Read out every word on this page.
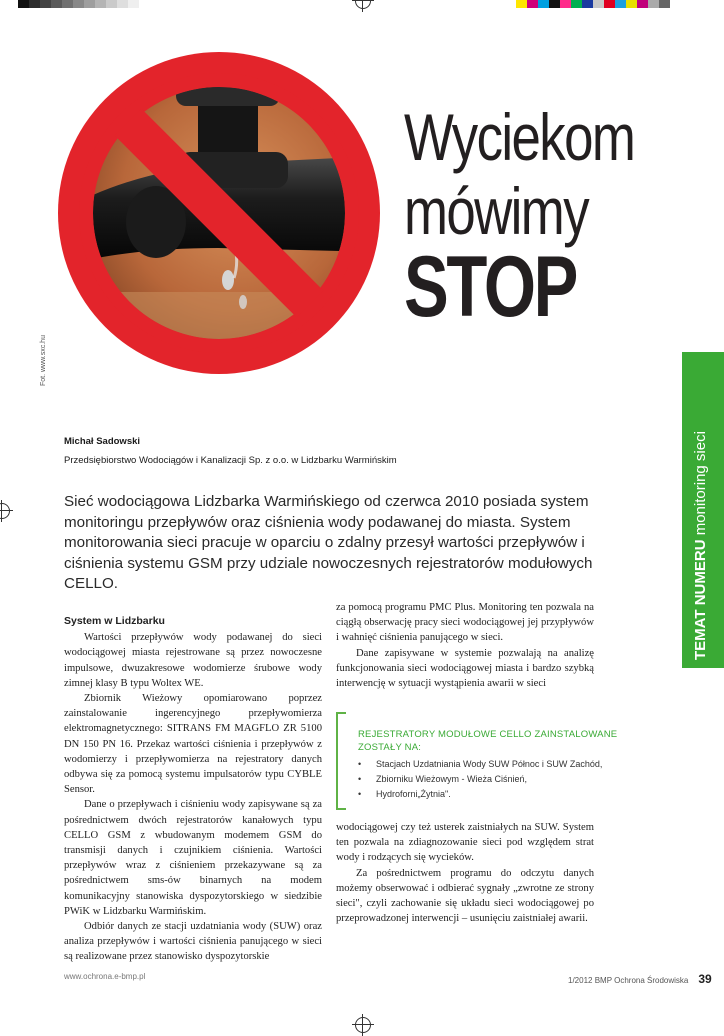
Fot. www.sxc.hu
Wyciekom
mówimy
STOP
TEMAT NUMERU monitoring sieci
Michał Sadowski
Przedsiębiorstwo Wodociągów i Kanalizacji Sp. z o.o. w Lidzbarku Warmińskim
Sieć wodociągowa Lidzbarka Warmińskiego od czerwca 2010 posiada system monitoringu przepływów oraz ciśnienia wody podawanej do miasta. System monitorowania sieci pracuje w oparciu o zdalny przesył wartości przepływów i ciśnienia systemu GSM przy udziale nowoczesnych rejestratorów modułowych CELLO.
System w Lidzbarku

Wartości przepływów wody podawanej do sieci wodociągowej miasta rejestrowane są przez nowoczesne impulsowe, dwuzakresowe wodomierze śrubowe wody zimnej klasy B typu Woltex WE.

Zbiornik Wieżowy opomiarowano poprzez zainstalowanie ingerencyjnego przepływomierza elektromagnetycznego: SITRANS FM MAGFLO ZR 5100 DN 150 PN 16. Przekaz wartości ciśnienia i przepływów z wodomierzy i przepływomierza na rejestratory danych odbywa się za pomocą systemu impulsatorów typu CYBLE Sensor.

Dane o przepływach i ciśnieniu wody zapisywane są za pośrednictwem dwóch rejestratorów kanałowych typu CELLO GSM z wbudowanym modemem GSM do transmisji danych i czujnikiem ciśnienia. Wartości przepływów wraz z ciśnieniem przekazywane są za pośrednictwem sms-ów binarnych na modem komunikacyjny stanowiska dyspozytorskiego w siedzibie PWiK w Lidzbarku Warmińskim.

Odbiór danych ze stacji uzdatniania wody (SUW) oraz analiza przepływów i wartości ciśnienia panującego w sieci są realizowane przez stanowisko dyspozytorskie

za pomocą programu PMC Plus. Monitoring ten pozwala na ciągłą obserwację pracy sieci wodociągowej jej przypływów i wahnięć ciśnienia panującego w sieci.

Dane zapisywane w systemie pozwalają na analizę funkcjonowania sieci wodociągowej miasta i bardzo szybką interwencję w sytuacji wystąpienia awarii w sieci

REJESTRATORY MODUŁOWE CELLO ZAINSTALOWANE ZOSTAŁY NA:
• Stacjach Uzdatniania Wody SUW Północ i SUW Zachód,
• Zbiorniku Wieżowym - Wieża Ciśnień,
• Hydroforni„Żytnia".

wodociągowej czy też usterek zaistniałych na SUW. System ten pozwala na zdiagnozowanie sieci pod względem strat wody i rodzących się wycieków.

Za pośrednictwem programu do odczytu danych możemy obserwować i odbierać sygnały „zwrotne ze strony sieci", czyli zachowanie się układu sieci wodociągowej po przeprowadzonej interwencji – usunięciu zaistniałej awarii.

www.ochrona.e-bmp.pl	1/2012 BMP Ochrona Środowiska 39
